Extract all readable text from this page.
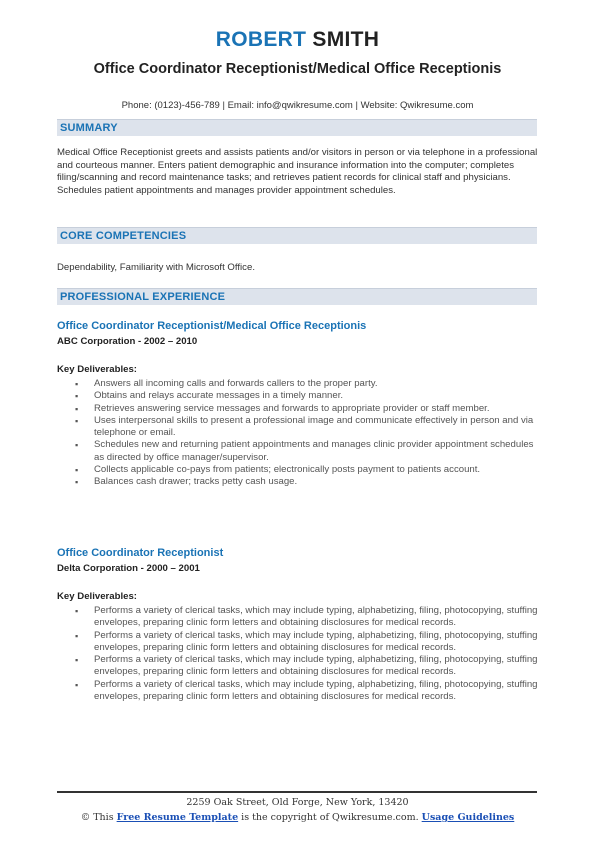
ROBERT SMITH
Office Coordinator Receptionist/Medical Office Receptionis
Phone: (0123)-456-789 | Email: info@qwikresume.com | Website: Qwikresume.com
SUMMARY
Medical Office Receptionist greets and assists patients and/or visitors in person or via telephone in a professional and courteous manner. Enters patient demographic and insurance information into the computer; completes filing/scanning and record maintenance tasks; and retrieves patient records for clinical staff and physicians. Schedules patient appointments and manages provider appointment schedules.
CORE COMPETENCIES
Dependability, Familiarity with Microsoft Office.
PROFESSIONAL EXPERIENCE
Office Coordinator Receptionist/Medical Office Receptionis
ABC Corporation - 2002 – 2010
Key Deliverables:
▪ Answers all incoming calls and forwards callers to the proper party.
▪ Obtains and relays accurate messages in a timely manner.
▪ Retrieves answering service messages and forwards to appropriate provider or staff member.
▪ Uses interpersonal skills to present a professional image and communicate effectively in person and via telephone or email.
▪ Schedules new and returning patient appointments and manages clinic provider appointment schedules as directed by office manager/supervisor.
▪ Collects applicable co-pays from patients; electronically posts payment to patients account.
▪ Balances cash drawer; tracks petty cash usage.
Office Coordinator Receptionist
Delta Corporation - 2000 – 2001
Key Deliverables:
▪ Performs a variety of clerical tasks, which may include typing, alphabetizing, filing, photocopying, stuffing envelopes, preparing clinic form letters and obtaining disclosures for medical records.
▪ Performs a variety of clerical tasks, which may include typing, alphabetizing, filing, photocopying, stuffing envelopes, preparing clinic form letters and obtaining disclosures for medical records.
▪ Performs a variety of clerical tasks, which may include typing, alphabetizing, filing, photocopying, stuffing envelopes, preparing clinic form letters and obtaining disclosures for medical records.
▪ Performs a variety of clerical tasks, which may include typing, alphabetizing, filing, photocopying, stuffing envelopes, preparing clinic form letters and obtaining disclosures for medical records.
2259 Oak Street, Old Forge, New York, 13420
© This Free Resume Template is the copyright of Qwikresume.com. Usage Guidelines
